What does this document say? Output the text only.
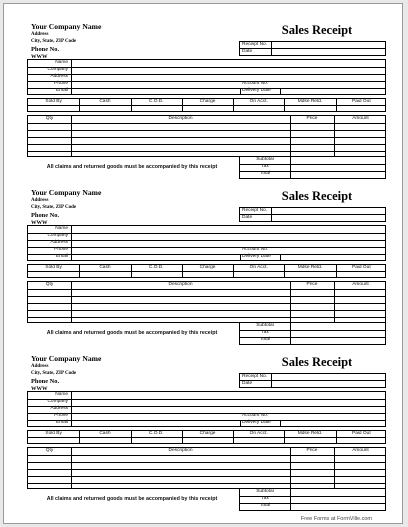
Your Company Name
Address
City, State, ZIP Code
Phone No.
WWW
Sales Receipt
Receipt No.
Date
Name
Company
Address
Phone
Email
Account No.
Delivery Date
Sold By	Cash	C.O.D.	Charge	On Acct.	Mdse Retd.	Paid Out
Qty	Description	Price	Amount
Subtotal
Tax
Total
All claims and returned goods must be accompanied by this receipt
Your Company Name
Address
City, State, ZIP Code
Phone No.
WWW
Sales Receipt
Receipt No.
Date
Name
Company
Address
Phone
Email
Account No.
Delivery Date
Sold By	Cash	C.O.D.	Charge	On Acct.	Mdse Retd.	Paid Out
Qty	Description	Price	Amount
Subtotal
Tax
Total
All claims and returned goods must be accompanied by this receipt
Your Company Name
Address
City, State, ZIP Code
Phone No.
WWW
Sales Receipt
Receipt No.
Date
Name
Company
Address
Phone
Email
Account No.
Delivery Date
Sold By	Cash	C.O.D.	Charge	On Acct.	Mdse Retd.	Paid Out
Qty	Description	Price	Amount
Subtotal
Tax
Total
All claims and returned goods must be accompanied by this receipt
Free Forms at FormVille.com
